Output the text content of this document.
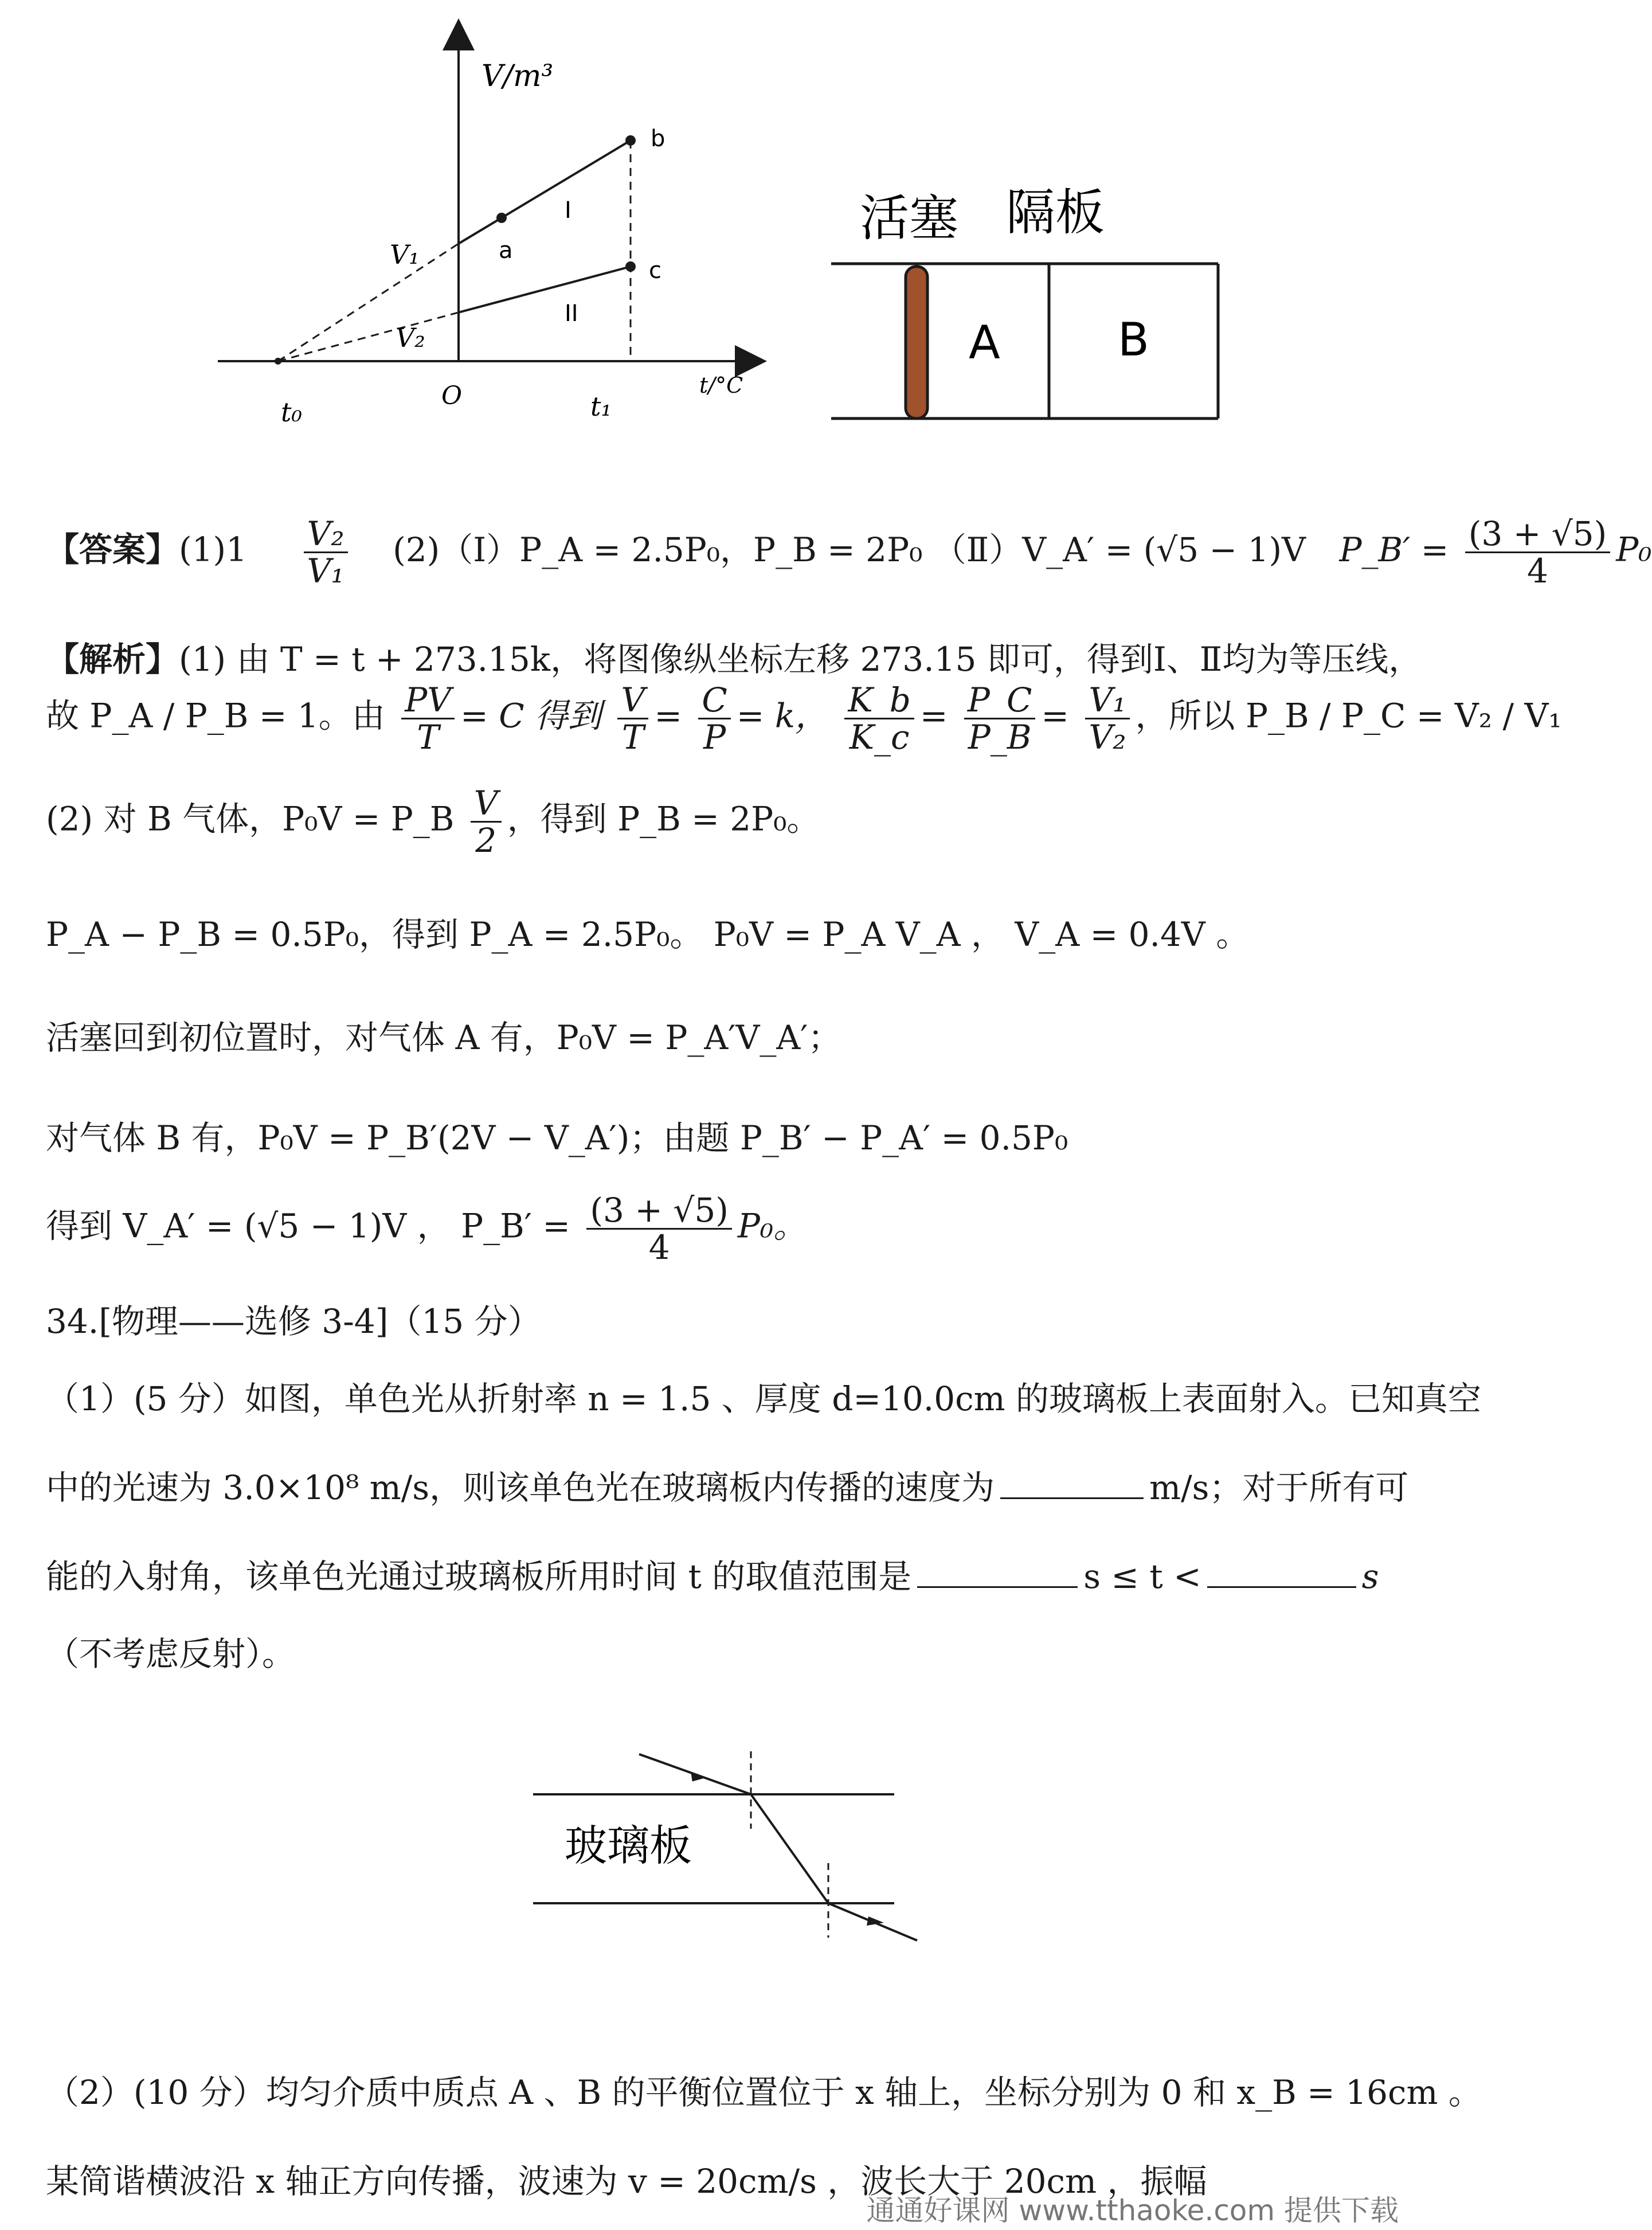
V/m³
t/°C
O
t₀	t₁
V₁
V₂
a
b
c
I
II
活塞 隔板
A	B
【答案】$(1)1 \frac{\text{V₂}}{\text{V₁}}$ (2)（Ⅰ）P_A = 2.5P₀，P_B = 2P₀ （Ⅱ）V_A′ = (√5 − 1)V P_B′ = $\frac{(3 + √5)}{4} P_0$
【解析】(1) 由 T = t + 273.15k，将图像纵坐标左移 273.15 即可，得到Ⅰ、Ⅱ均为等压线，
故 P_A / P_B = 1。由 $\frac{PV}{T} = C$ 得到 $\frac{V}{T} = \frac{C}{P} = k$， $\frac{K\_b}{K\_c} = \frac{P\_C}{P\_B} = \frac{\text{V₁}}{\text{V₂}}$ ，所以 P_B / P_C = V₂ / V₁
(2) 对 B 气体，P₀V = P_B $\frac{V}{2}$ ，得到 P_B = 2P₀。
P_A − P_B = 0.5P₀，得到 P_A = 2.5P₀。 P₀V = P_A V_A ， V_A = 0.4V 。
活塞回到初位置时，对气体 A 有，P₀V = P_A′V_A′；
对气体 B 有，P₀V = P_B′(2V − V_A′)；由题 P_B′ − P_A′ = 0.5P₀
得到 V_A′ = (√5 − 1)V ， P_B′ = $\frac{(3 + √5)}{4} P_0$。
34.[物理——选修 3-4]（15 分）
（1）(5 分）如图，单色光从折射率 n = 1.5 、厚度 d=10.0cm 的玻璃板上表面射入。已知真空
中的光速为 3.0×10⁸ m/s，则该单色光在玻璃板内传播的速度为	m/s；对于所有可
能的入射角，该单色光通过玻璃板所用时间 t 的取值范围是	s ≤ t <	s
（不考虑反射）。
玻璃板
（2）(10 分）均匀介质中质点 A 、B 的平衡位置位于 x 轴上，坐标分别为 0 和 x_B = 16cm 。
某简谐横波沿 x 轴正方向传播，波速为 v = 20cm/s ，波长大于 20cm ，振幅
通通好课网 www.tthaoke.com 提供下载
